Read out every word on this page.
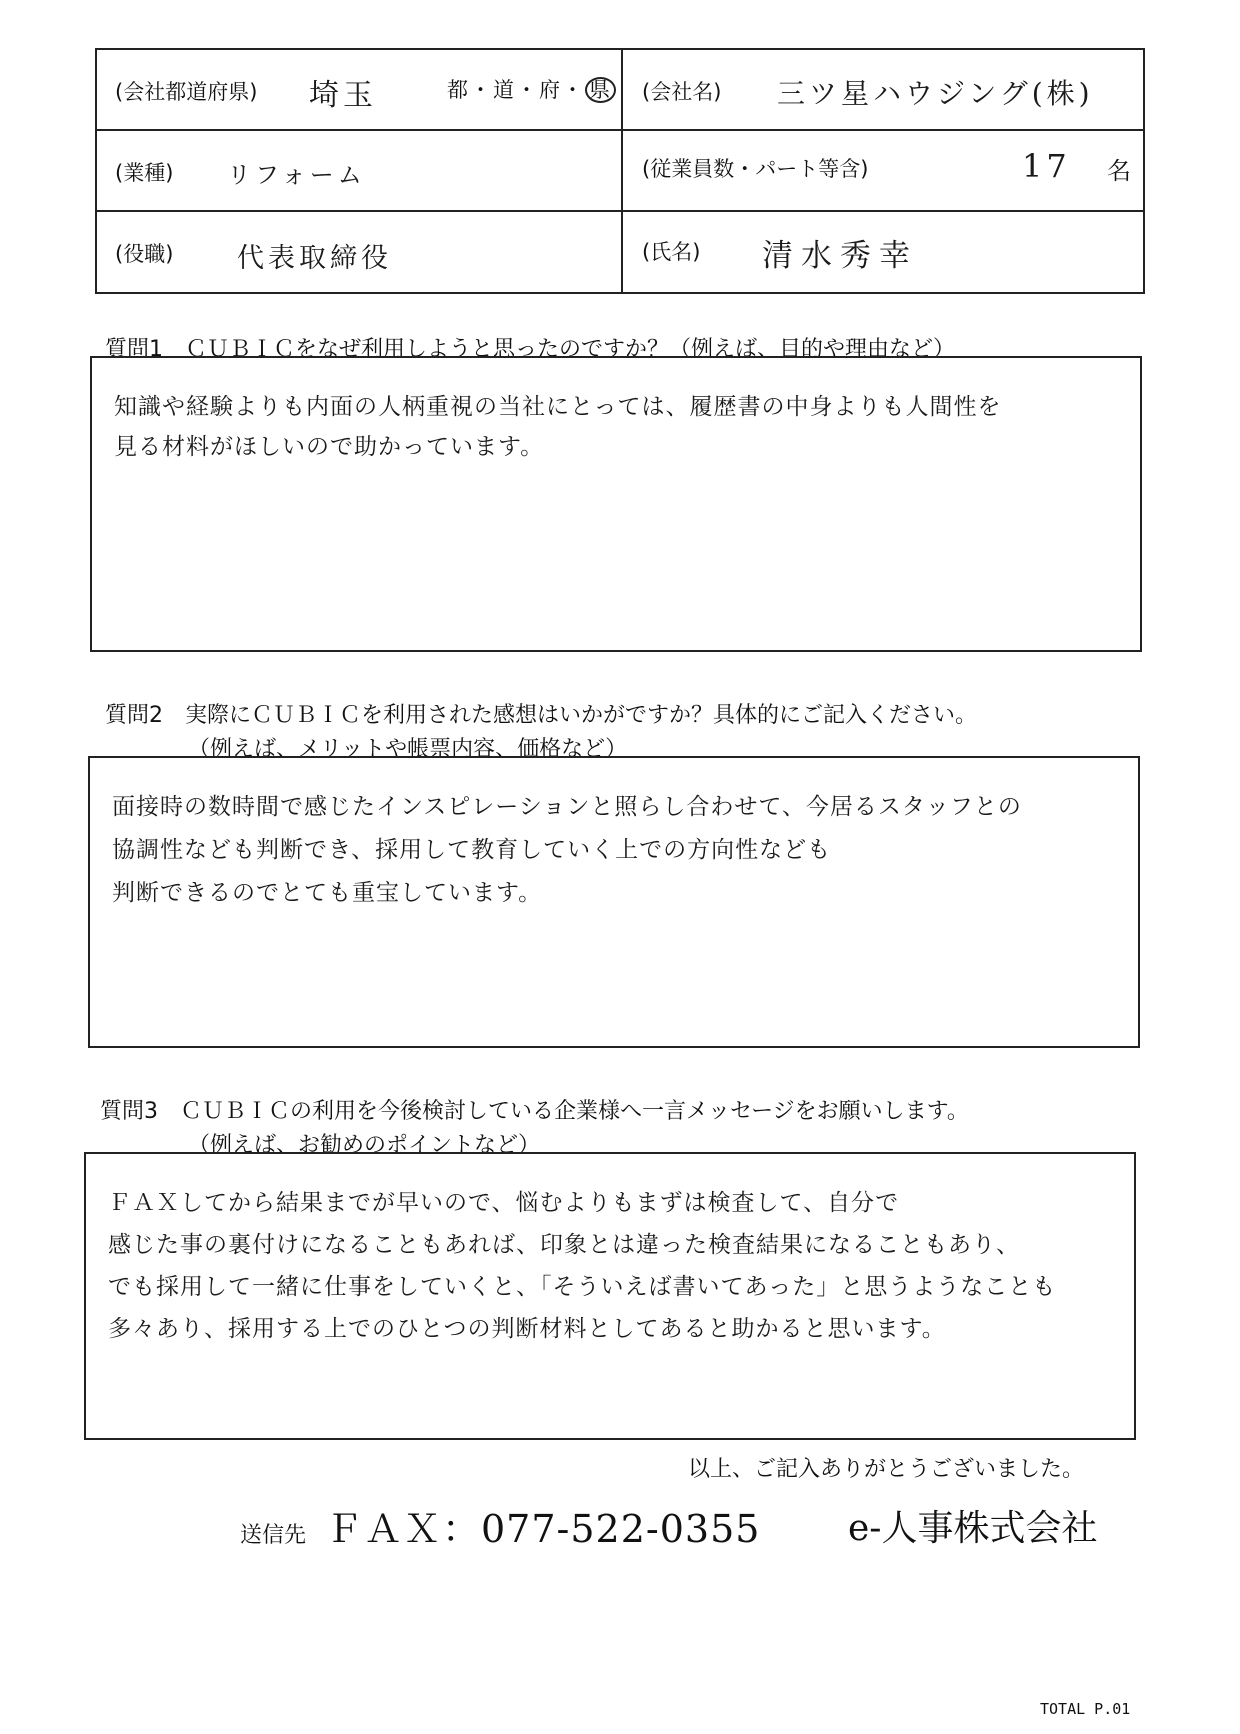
(会社都道府県) 埼玉	都・道・府・ 県 (会社名) 三ツ星ハウジング(株)
(業種) リフォーム	(従業員数・パート等含)	17 名
(役職) 代表取締役	(氏名) 清水秀幸
質問1　ＣＵＢＩＣをなぜ利用しようと思ったのですか？（例えば、目的や理由など）
知識や経験よりも内面の人柄重視の当社にとっては、履歴書の中身よりも人間性を
見る材料がほしいので助かっています。
質問2　実際にＣＵＢＩＣを利用された感想はいかがですか？具体的にご記入ください。
（例えば、メリットや帳票内容、価格など）
面接時の数時間で感じたインスピレーションと照らし合わせて、今居るスタッフとの
協調性なども判断でき、採用して教育していく上での方向性なども
判断できるのでとても重宝しています。
質問3　ＣＵＢＩＣの利用を今後検討している企業様へ一言メッセージをお願いします。
（例えば、お勧めのポイントなど）
ＦＡＸしてから結果までが早いので、悩むよりもまずは検査して、自分で
感じた事の裏付けになることもあれば、印象とは違った検査結果になることもあり、
でも採用して一緒に仕事をしていくと、「そういえば書いてあった」と思うようなことも
多々あり、採用する上でのひとつの判断材料としてあると助かると思います。
以上、ご記入ありがとうございました。
送信先 ＦＡＸ：077-522-0355 e-人事株式会社
TOTAL P.01
